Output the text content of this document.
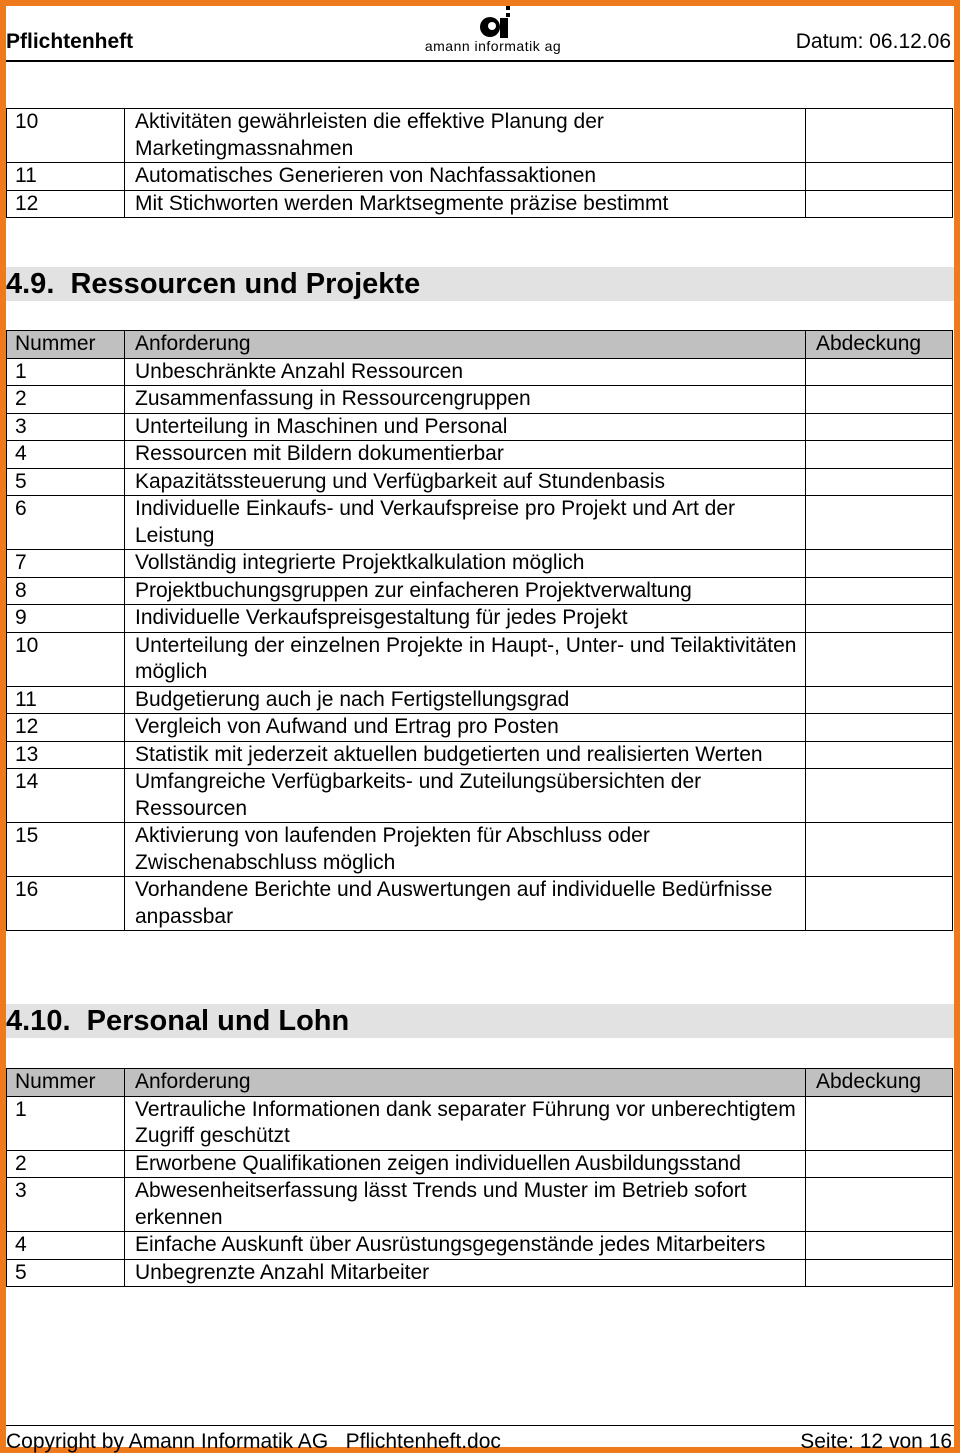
Pflichtenheft	amann informatik ag	Datum: 06.12.06
10	Aktivitäten gewährleisten die effektive Planung der Marketingmassnahmen	
11	Automatisches Generieren von Nachfassaktionen	
12	Mit Stichworten werden Marktsegmente präzise bestimmt	
4.9.  Ressourcen und Projekte
Nummer	Anforderung	Abdeckung
1	Unbeschränkte Anzahl Ressourcen	
2	Zusammenfassung in Ressourcengruppen	
3	Unterteilung in Maschinen und Personal	
4	Ressourcen mit Bildern dokumentierbar	
5	Kapazitätssteuerung und Verfügbarkeit auf Stundenbasis	
6	Individuelle Einkaufs- und Verkaufspreise pro Projekt und Art der Leistung	
7	Vollständig integrierte Projektkalkulation möglich	
8	Projektbuchungsgruppen zur einfacheren Projektverwaltung	
9	Individuelle Verkaufspreisgestaltung für jedes Projekt	
10	Unterteilung der einzelnen Projekte in Haupt-, Unter- und Teilaktivitäten möglich	
11	Budgetierung auch je nach Fertigstellungsgrad	
12	Vergleich von Aufwand und Ertrag pro Posten	
13	Statistik mit jederzeit aktuellen budgetierten und realisierten Werten	
14	Umfangreiche Verfügbarkeits- und Zuteilungsübersichten der Ressourcen	
15	Aktivierung von laufenden Projekten für Abschluss oder Zwischenabschluss möglich	
16	Vorhandene Berichte und Auswertungen auf individuelle Bedürfnisse anpassbar	
4.10.  Personal und Lohn
Nummer	Anforderung	Abdeckung
1	Vertrauliche Informationen dank separater Führung vor unberechtigtem Zugriff geschützt	
2	Erworbene Qualifikationen zeigen individuellen Ausbildungsstand	
3	Abwesenheitserfassung lässt Trends und Muster im Betrieb sofort erkennen	
4	Einfache Auskunft über Ausrüstungsgegenstände jedes Mitarbeiters	
5	Unbegrenzte Anzahl Mitarbeiter	
Copyright by Amann Informatik AG   Pflichtenheft.doc	Seite: 12 von 16
